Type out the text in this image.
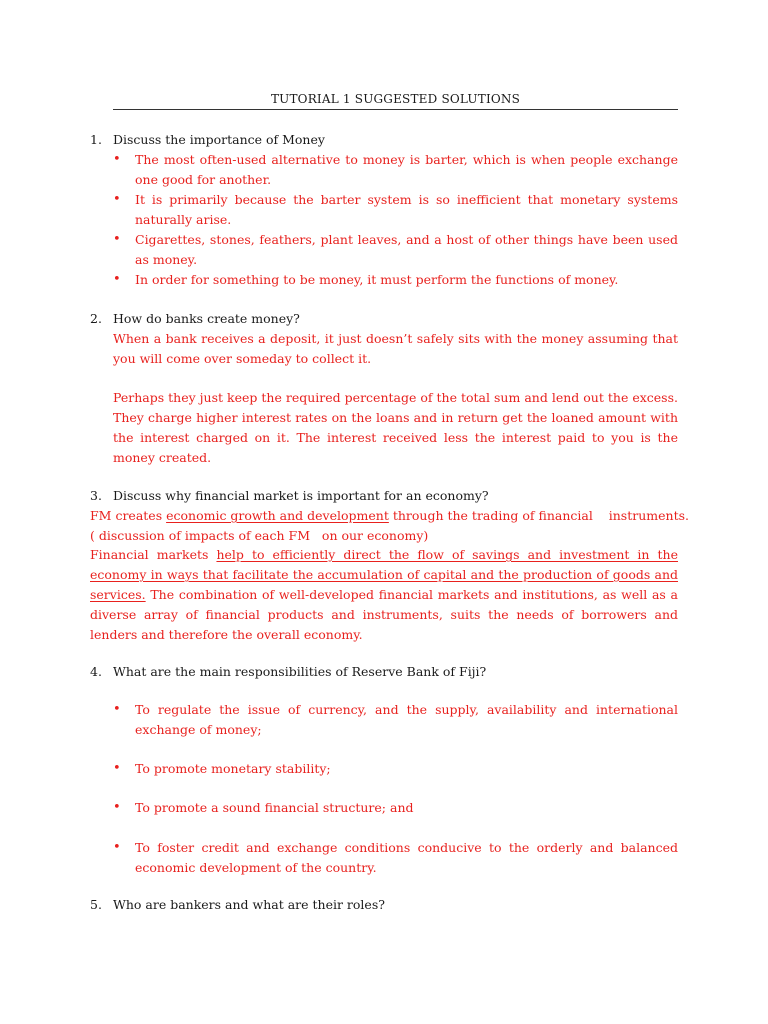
TUTORIAL 1 SUGGESTED SOLUTIONS
1. Discuss the importance of Money
•	The most often-used alternative to money is barter, which is when people exchange one good for another.
•	It is primarily because the barter system is so inefficient that monetary systems naturally arise.
•	Cigarettes, stones, feathers, plant leaves, and a host of other things have been used as money.
•	In order for something to be money, it must perform the functions of money.
2. How do banks create money?
When a bank receives a deposit, it just doesn’t safely sits with the money assuming that you will come over someday to collect it.
Perhaps they just keep the required percentage of the total sum and lend out the excess. They charge higher interest rates on the loans and in return get the loaned amount with the interest charged on it. The interest received less the interest paid to you is the money created.
3. Discuss why financial market is important for an economy?
FM creates economic growth and development through the trading of financial    instruments.
( discussion of impacts of each FM   on our economy)
Financial markets help to efficiently direct the flow of savings and investment in the economy in ways that facilitate the accumulation of capital and the production of goods and services. The combination of well-developed financial markets and institutions, as well as a diverse array of financial products and instruments, suits the needs of borrowers and lenders and therefore the overall economy.
4. What are the main responsibilities of Reserve Bank of Fiji?
•	To regulate the issue of currency, and the supply, availability and international exchange of money;
•	To promote monetary stability;
•	To promote a sound financial structure; and
•	To foster credit and exchange conditions conducive to the orderly and balanced economic development of the country.
5. Who are bankers and what are their roles?
